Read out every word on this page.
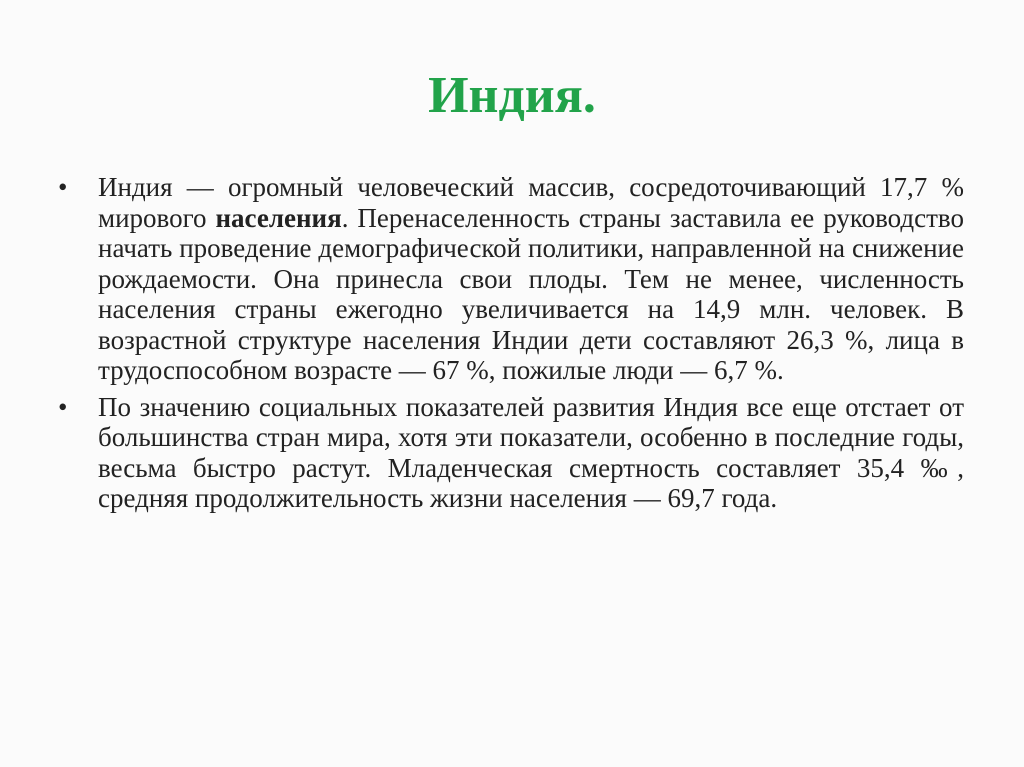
Индия.
•	Индия — огромный человеческий массив, сосредоточивающий 17,7 % мирового населения. Перенаселенность страны заставила ее руководство начать проведение демографической политики, направленной на снижение рождаемости. Она принесла свои плоды. Тем не менее, численность населения страны ежегодно увеличивается на 14,9 млн. человек. В возрастной структуре населения Индии дети составляют 26,3 %, лица в трудоспособном возрасте — 67 %, пожилые люди — 6,7 %.
•	По значению социальных показателей развития Индия все еще отстает от большинства стран мира, хотя эти показатели, особенно в последние годы, весьма быстро растут. Младенческая смертность составляет 35,4 ‰, средняя продолжительность жизни населения — 69,7 года.
